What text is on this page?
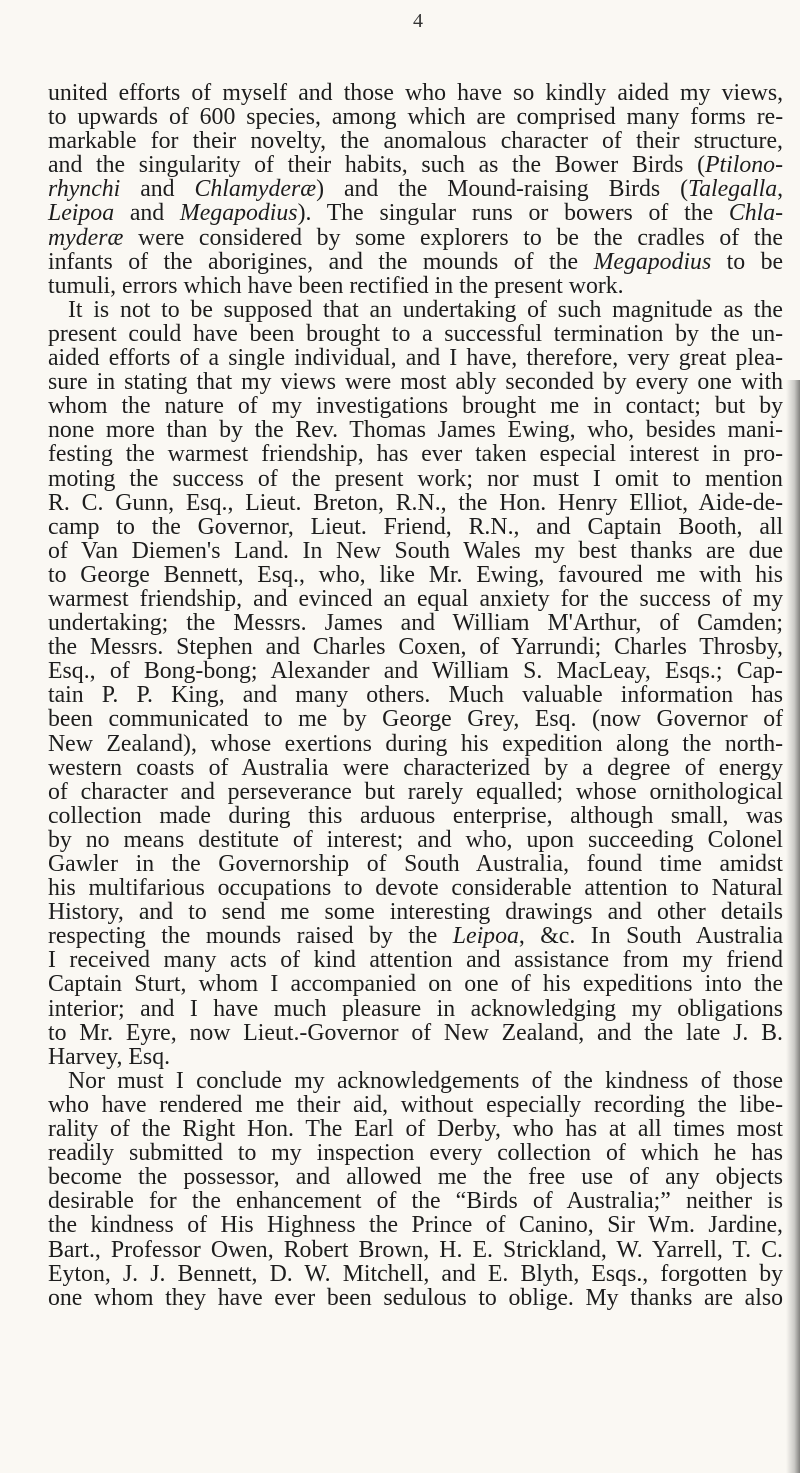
4
united efforts of myself and those who have so kindly aided my views,
to upwards of 600 species, among which are comprised many forms re-
markable for their novelty, the anomalous character of their structure,
and the singularity of their habits, such as the Bower Birds (Ptilono-
rhynchi and Chlamyderæ) and the Mound-raising Birds (Talegalla,
Leipoa and Megapodius). The singular runs or bowers of the Chla-
myderæ were considered by some explorers to be the cradles of the
infants of the aborigines, and the mounds of the Megapodius to be
tumuli, errors which have been rectified in the present work.
It is not to be supposed that an undertaking of such magnitude as the
present could have been brought to a successful termination by the un-
aided efforts of a single individual, and I have, therefore, very great plea-
sure in stating that my views were most ably seconded by every one with
whom the nature of my investigations brought me in contact; but by
none more than by the Rev. Thomas James Ewing, who, besides mani-
festing the warmest friendship, has ever taken especial interest in pro-
moting the success of the present work; nor must I omit to mention
R. C. Gunn, Esq., Lieut. Breton, R.N., the Hon. Henry Elliot, Aide-de-
camp to the Governor, Lieut. Friend, R.N., and Captain Booth, all
of Van Diemen's Land. In New South Wales my best thanks are due
to George Bennett, Esq., who, like Mr. Ewing, favoured me with his
warmest friendship, and evinced an equal anxiety for the success of my
undertaking; the Messrs. James and William M'Arthur, of Camden;
the Messrs. Stephen and Charles Coxen, of Yarrundi; Charles Throsby,
Esq., of Bong-bong; Alexander and William S. MacLeay, Esqs.; Cap-
tain P. P. King, and many others. Much valuable information has
been communicated to me by George Grey, Esq. (now Governor of
New Zealand), whose exertions during his expedition along the north-
western coasts of Australia were characterized by a degree of energy
of character and perseverance but rarely equalled; whose ornithological
collection made during this arduous enterprise, although small, was
by no means destitute of interest; and who, upon succeeding Colonel
Gawler in the Governorship of South Australia, found time amidst
his multifarious occupations to devote considerable attention to Natural
History, and to send me some interesting drawings and other details
respecting the mounds raised by the Leipoa, &c. In South Australia
I received many acts of kind attention and assistance from my friend
Captain Sturt, whom I accompanied on one of his expeditions into the
interior; and I have much pleasure in acknowledging my obligations
to Mr. Eyre, now Lieut.-Governor of New Zealand, and the late J. B.
Harvey, Esq.
Nor must I conclude my acknowledgements of the kindness of those
who have rendered me their aid, without especially recording the libe-
rality of the Right Hon. The Earl of Derby, who has at all times most
readily submitted to my inspection every collection of which he has
become the possessor, and allowed me the free use of any objects
desirable for the enhancement of the “Birds of Australia;” neither is
the kindness of His Highness the Prince of Canino, Sir Wm. Jardine,
Bart., Professor Owen, Robert Brown, H. E. Strickland, W. Yarrell, T. C.
Eyton, J. J. Bennett, D. W. Mitchell, and E. Blyth, Esqs., forgotten by
one whom they have ever been sedulous to oblige. My thanks are also
